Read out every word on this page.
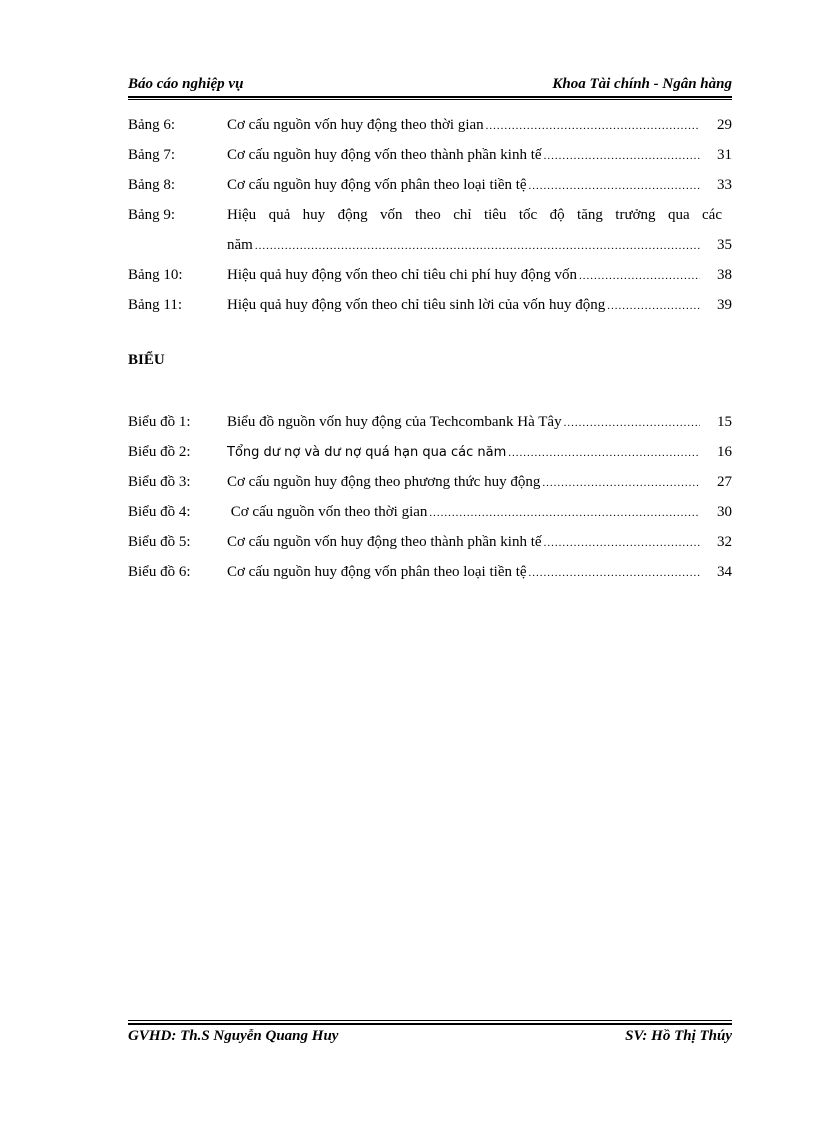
Báo cáo nghiệp vụ	Khoa Tài chính - Ngân hàng
Bảng 6:	Cơ cấu nguồn vốn huy động theo thời gian .....	29
Bảng 7:	Cơ cấu nguồn huy động vốn theo thành phần kinh tế .....	31
Bảng 8:	Cơ cấu nguồn huy động vốn phân theo loại tiền tệ .....	33
Bảng 9:	Hiệu quả huy động vốn theo chỉ tiêu tốc độ tăng trưởng qua các
năm .....	35
Bảng 10:	Hiệu quả huy động vốn theo chỉ tiêu chi phí huy động vốn .....	38
Bảng 11:	Hiệu quả huy động vốn theo chỉ tiêu sinh lời của vốn huy động .....	39
BIỂU
Biểu đồ 1: Biểu đồ nguồn vốn huy động của Techcombank Hà Tây .....	15
Biểu đồ 2:	Tổng dư nợ và dư nợ quá hạn qua các năm .....	16
Biểu đồ 3: Cơ cấu nguồn huy động theo phương thức huy động .....	27
Biểu đồ 4: Cơ cấu nguồn vốn theo thời gian .....	30
Biểu đồ 5: Cơ cấu nguồn vốn huy động theo thành phần kinh tế .....	32
Biểu đồ 6: Cơ cấu nguồn huy động vốn phân theo loại tiền tệ .....	34
GVHD: Th.S Nguyễn Quang Huy	SV: Hồ Thị Thúy
